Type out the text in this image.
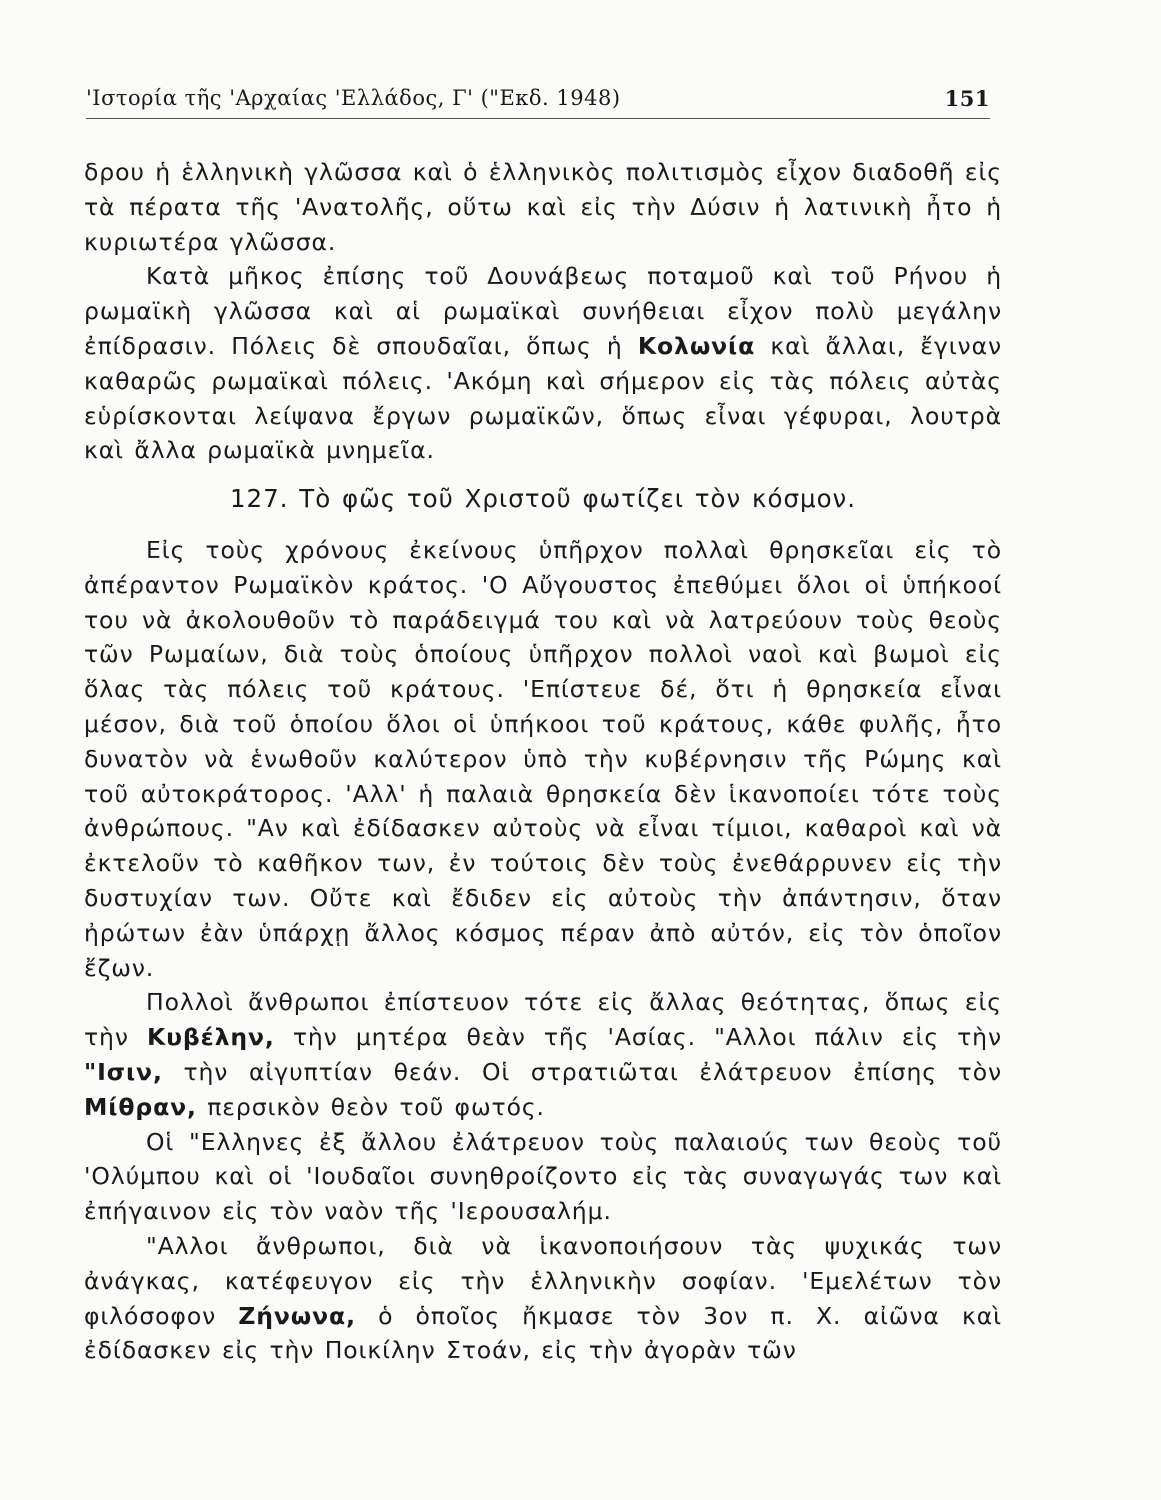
'Ιστορία τῆς 'Αρχαίας 'Ελλάδος, Γ' ("Εκδ. 1948)	151

δρου ἡ ἑλληνικὴ γλῶσσα καὶ ὁ ἑλληνικὸς πολιτισμὸς εἶχον διαδοθῆ εἰς τὰ πέρατα τῆς 'Ανατολῆς, οὕτω καὶ εἰς τὴν Δύσιν ἡ λατινικὴ ἦτο ἡ κυριωτέρα γλῶσσα.

Κατὰ μῆκος ἐπίσης τοῦ Δουνάβεως ποταμοῦ καὶ τοῦ Ρήνου ἡ ρωμαϊκὴ γλῶσσα καὶ αἱ ρωμαϊκαὶ συνήθειαι εἶχον πολὺ μεγάλην ἐπίδρασιν. Πόλεις δὲ σπουδαῖαι, ὅπως ἡ Κολωνία καὶ ἄλλαι, ἔγιναν καθαρῶς ρωμαϊκαὶ πόλεις. 'Ακόμη καὶ σήμερον εἰς τὰς πόλεις αὐτὰς εὑρίσκονται λείψανα ἔργων ρωμαϊκῶν, ὅπως εἶναι γέφυραι, λουτρὰ καὶ ἄλλα ρωμαϊκὰ μνημεῖα.

127. Τὸ φῶς τοῦ Χριστοῦ φωτίζει τὸν κόσμον.

Εἰς τοὺς χρόνους ἐκείνους ὑπῆρχον πολλαὶ θρησκεῖαι εἰς τὸ ἀπέραντον Ρωμαϊκὸν κράτος. 'Ο Αὔγουστος ἐπεθύμει ὅλοι οἱ ὑπήκοοί του νὰ ἀκολουθοῦν τὸ παράδειγμά του καὶ νὰ λατρεύουν τοὺς θεοὺς τῶν Ρωμαίων, διὰ τοὺς ὁποίους ὑπῆρχον πολλοὶ ναοὶ καὶ βωμοὶ εἰς ὅλας τὰς πόλεις τοῦ κράτους. 'Επίστευε δέ, ὅτι ἡ θρησκεία εἶναι μέσον, διὰ τοῦ ὁποίου ὅλοι οἱ ὑπήκοοι τοῦ κράτους, κάθε φυλῆς, ἦτο δυνατὸν νὰ ἑνωθοῦν καλύτερον ὑπὸ τὴν κυβέρνησιν τῆς Ρώμης καὶ τοῦ αὐτοκράτορος. 'Αλλ' ἡ παλαιὰ θρησκεία δὲν ἱκανοποίει τότε τοὺς ἀνθρώπους. "Αν καὶ ἐδίδασκεν αὐτοὺς νὰ εἶναι τίμιοι, καθαροὶ καὶ νὰ ἐκτελοῦν τὸ καθῆκον των, ἐν τούτοις δὲν τοὺς ἐνεθάρρυνεν εἰς τὴν δυστυχίαν των. Οὔτε καὶ ἔδιδεν εἰς αὐτοὺς τὴν ἀπάντησιν, ὅταν ἠρώτων ἐὰν ὑπάρχῃ ἄλλος κόσμος πέραν ἀπὸ αὐτόν, εἰς τὸν ὁποῖον ἔζων.

Πολλοὶ ἄνθρωποι ἐπίστευον τότε εἰς ἄλλας θεότητας, ὅπως εἰς τὴν Κυβέλην, τὴν μητέρα θεὰν τῆς 'Ασίας. "Αλλοι πάλιν εἰς τὴν "Ισιν, τὴν αἰγυπτίαν θεάν. Οἱ στρατιῶται ἐλάτρευον ἐπίσης τὸν Μίθραν, περσικὸν θεὸν τοῦ φωτός.

Οἱ "Ελληνες ἐξ ἄλλου ἐλάτρευον τοὺς παλαιούς των θεοὺς τοῦ 'Ολύμπου καὶ οἱ 'Ιουδαῖοι συνηθροίζοντο εἰς τὰς συναγωγάς των καὶ ἐπήγαινον εἰς τὸν ναὸν τῆς 'Ιερουσαλήμ.

"Αλλοι ἄνθρωποι, διὰ νὰ ἱκανοποιήσουν τὰς ψυχικάς των ἀνάγκας, κατέφευγον εἰς τὴν ἑλληνικὴν σοφίαν. 'Εμελέτων τὸν φιλόσοφον Ζήνωνα, ὁ ὁποῖος ἤκμασε τὸν 3ον π. Χ. αἰῶνα καὶ ἐδίδασκεν εἰς τὴν Ποικίλην Στοάν, εἰς τὴν ἀγορὰν τῶν
